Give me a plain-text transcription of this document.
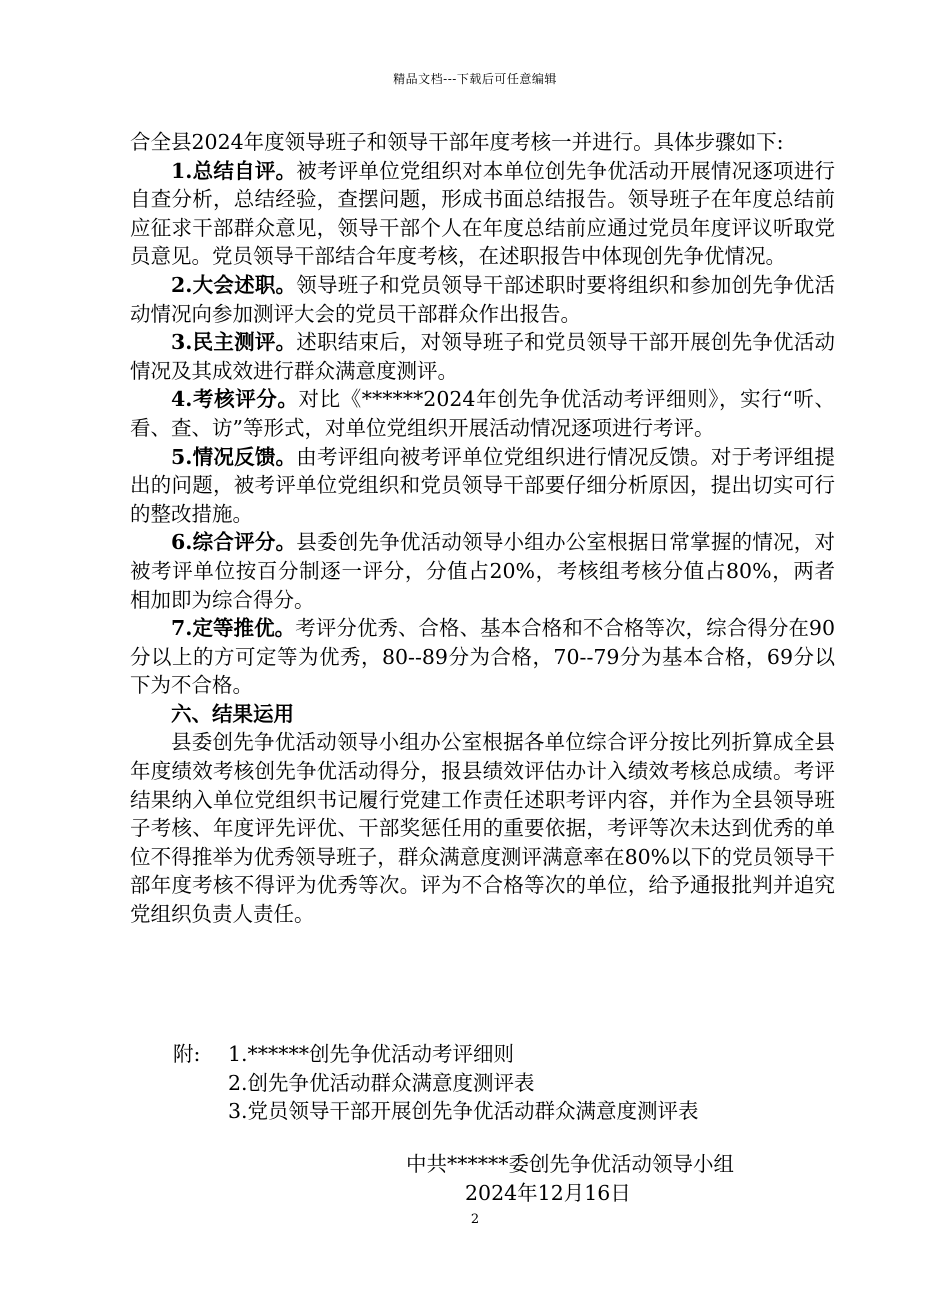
精品文档---下载后可任意编辑

合全县2024年度领导班子和领导干部年度考核一并进行。具体步骤如下:

1.总结自评。被考评单位党组织对本单位创先争优活动开展情况逐项进行自查分析，总结经验，查摆问题，形成书面总结报告。领导班子在年度总结前应征求干部群众意见，领导干部个人在年度总结前应通过党员年度评议听取党员意见。党员领导干部结合年度考核，在述职报告中体现创先争优情况。

2.大会述职。领导班子和党员领导干部述职时要将组织和参加创先争优活动情况向参加测评大会的党员干部群众作出报告。

3.民主测评。述职结束后，对领导班子和党员领导干部开展创先争优活动情况及其成效进行群众满意度测评。

4.考核评分。对比《******2024年创先争优活动考评细则》，实行“听、看、查、访”等形式，对单位党组织开展活动情况逐项进行考评。

5.情况反馈。由考评组向被考评单位党组织进行情况反馈。对于考评组提出的问题，被考评单位党组织和党员领导干部要仔细分析原因，提出切实可行的整改措施。

6.综合评分。县委创先争优活动领导小组办公室根据日常掌握的情况，对被考评单位按百分制逐一评分，分值占20%，考核组考核分值占80%，两者相加即为综合得分。

7.定等推优。考评分优秀、合格、基本合格和不合格等次，综合得分在90分以上的方可定等为优秀，80--89分为合格，70--79分为基本合格，69分以下为不合格。

六、结果运用

县委创先争优活动领导小组办公室根据各单位综合评分按比列折算成全县年度绩效考核创先争优活动得分，报县绩效评估办计入绩效考核总成绩。考评结果纳入单位党组织书记履行党建工作责任述职考评内容，并作为全县领导班子考核、年度评先评优、干部奖惩任用的重要依据，考评等次未达到优秀的单位不得推举为优秀领导班子，群众满意度测评满意率在80%以下的党员领导干部年度考核不得评为优秀等次。评为不合格等次的单位，给予通报批判并追究党组织负责人责任。

附: 1.******创先争优活动考评细则
2.创先争优活动群众满意度测评表
3.党员领导干部开展创先争优活动群众满意度测评表
中共******委创先争优活动领导小组
2024年12月16日
2
